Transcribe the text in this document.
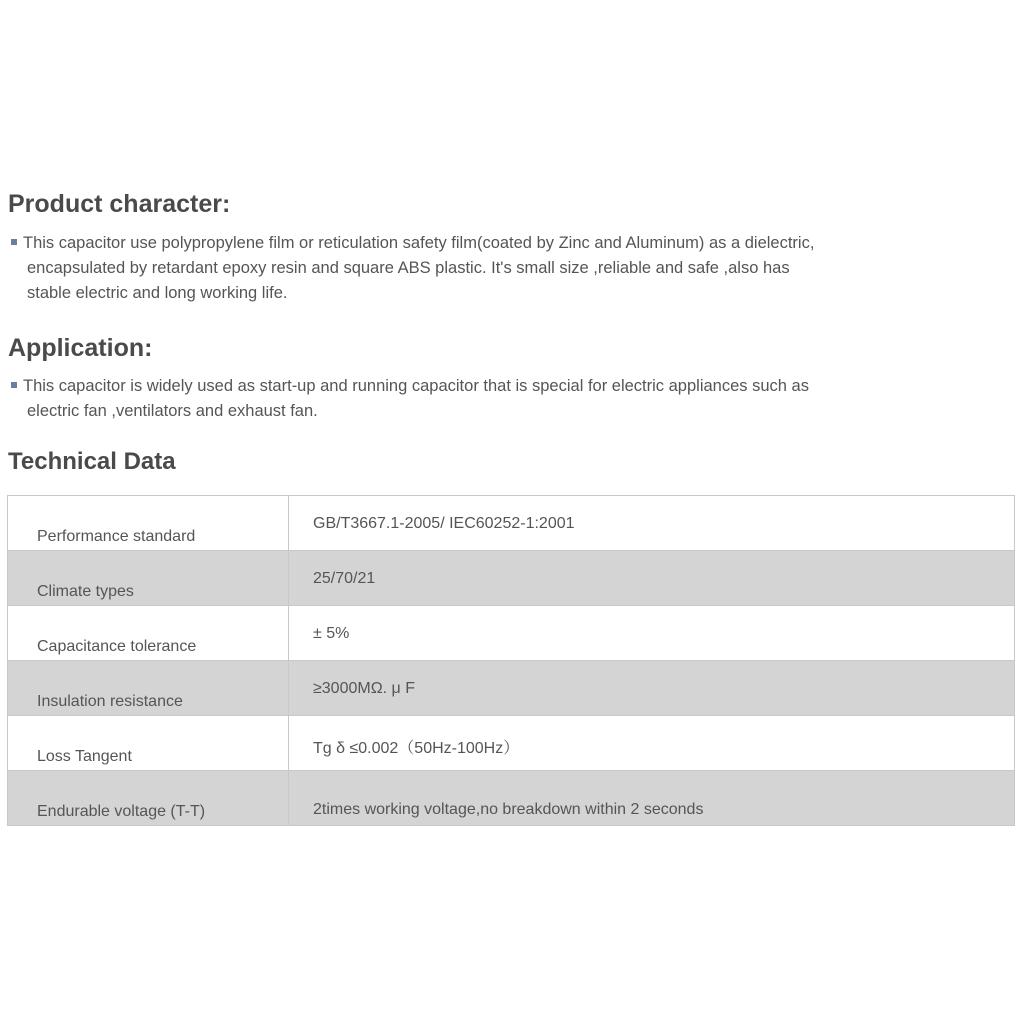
Product character:

This capacitor use polypropylene film or reticulation safety film(coated by Zinc and Aluminum) as a dielectric,
encapsulated by retardant epoxy resin and square ABS plastic. It's small size ,reliable and safe ,also has
stable electric and long working life.

Application:

This capacitor is widely used as start-up and running capacitor that is special for electric appliances such as
electric fan ,ventilators and exhaust fan.

Technical Data
Performance standard	GB/T3667.1-2005/ IEC60252-1:2001
Climate types	25/70/21
Capacitance tolerance	± 5%
Insulation resistance	≥3000MΩ. μ F
Loss Tangent	Tg δ ≤0.002（50Hz-100Hz）
Endurable voltage (T-T)	2times working voltage,no breakdown within 2 seconds
